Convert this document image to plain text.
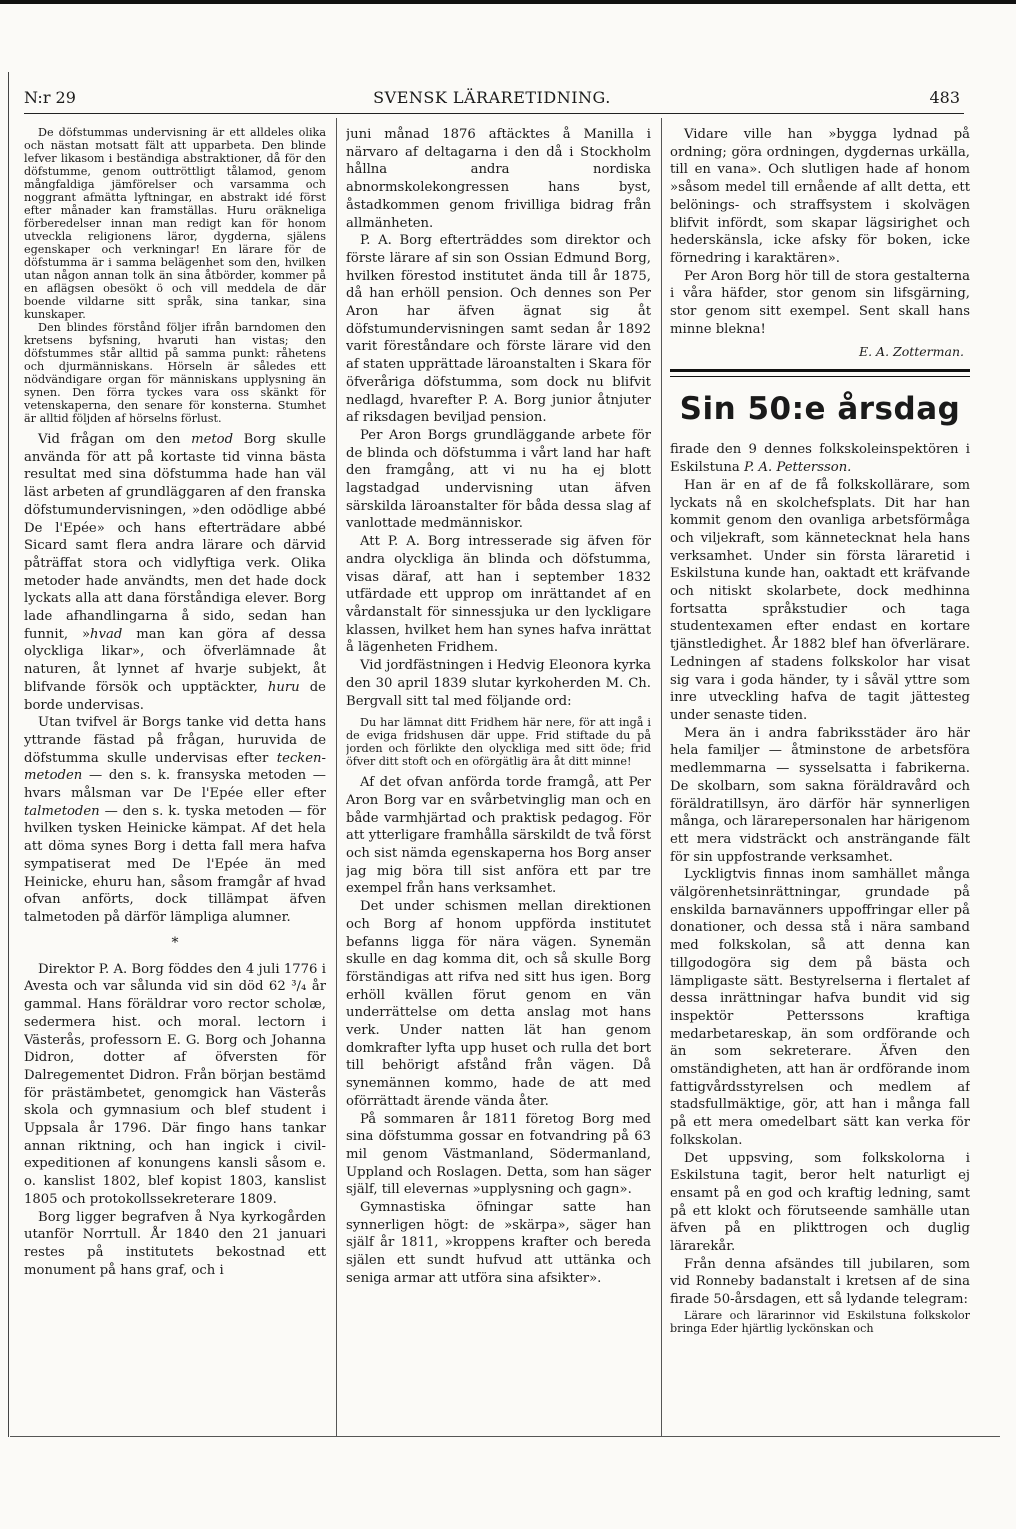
N:r 29	SVENSK LÄRARETIDNING.	483

De döfstummas undervisning är ett alldeles olika och nästan motsatt fält att upparbeta. Den blinde lefver likasom i beständiga abstraktioner, då för den döfstumme, genom outtröttligt tålamod, genom mångfaldiga jämförelser och varsamma och noggrant afmätta lyftningar, en abstrakt idé först efter månader kan framställas. Huru oräkneliga förberedelser innan man redigt kan för honom utveckla religionens läror, dygderna, själens egenskaper och verkningar! En lärare för de döfstumma är i samma belägenhet som den, hvilken utan någon annan tolk än sina åtbörder, kommer på en aflägsen obesökt ö och vill meddela de där boende vildarne sitt språk, sina tankar, sina kunskaper.

Den blindes förstånd följer ifrån barndomen den kretsens byfsning, hvaruti han vistas; den döfstummes står alltid på samma punkt: råhetens och djurmänniskans. Hörseln är således ett nödvändigare organ för människans upplysning än synen. Den förra tyckes vara oss skänkt för vetenskaperna, den senare för konsterna. Stumhet är alltid följden af hörselns förlust.

Vid frågan om den metod Borg skulle använda för att på kortaste tid vinna bästa resultat med sina döfstumma hade han väl läst arbeten af grundläggaren af den franska döfstumundervisningen, »den odödlige abbé De l'Epée» och hans efterträdare abbé Sicard samt flera andra lärare och därvid påträffat stora och vidlyftiga verk. Olika metoder hade användts, men det hade dock lyckats alla att dana förståndiga elever. Borg lade afhandlingarna å sido, sedan han funnit, »hvad man kan göra af dessa olyckliga likar», och öfverlämnade åt naturen, åt lynnet af hvarje subjekt, åt blifvande försök och upptäckter, huru de borde undervisas.

Utan tvifvel är Borgs tanke vid detta hans yttrande fästad på frågan, huruvida de döfstumma skulle undervisas efter tecken-metoden — den s. k. fransyska metoden — hvars målsman var De l'Epée eller efter talmetoden — den s. k. tyska metoden — för hvilken tysken Heinicke kämpat. Af det hela att döma synes Borg i detta fall mera hafva sympatiserat med De l'Epée än med Heinicke, ehuru han, såsom framgår af hvad ofvan anförts, dock tillämpat äfven talmetoden på därför lämpliga alumner.

*

Direktor P. A. Borg föddes den 4 juli 1776 i Avesta och var sålunda vid sin död 62 ³/₄ år gammal. Hans föräldrar voro rector scholæ, sedermera hist. och moral. lectorn i Västerås, professorn E. G. Borg och Johanna Didron, dotter af öfversten för Dalregementet Didron. Från början bestämd för prästämbetet, genomgick han Västerås skola och gymnasium och blef student i Uppsala år 1796. Där fingo hans tankar annan riktning, och han ingick i civil-expeditionen af konungens kansli såsom e. o. kanslist 1802, blef kopist 1803, kanslist 1805 och protokollssekreterare 1809.

Borg ligger begrafven å Nya kyrkogården utanför Norrtull. År 1840 den 21 januari restes på institutets bekostnad ett monument på hans graf, och i

juni månad 1876 aftäcktes å Manilla i närvaro af deltagarna i den då i Stockholm hållna andra nordiska abnormskolekongressen hans byst, åstadkommen genom frivilliga bidrag från allmänheten.

P. A. Borg efterträddes som direktor och förste lärare af sin son Ossian Edmund Borg, hvilken förestod institutet ända till år 1875, då han erhöll pension. Och dennes son Per Aron har äfven ägnat sig åt döfstumundervisningen samt sedan år 1892 varit föreståndare och förste lärare vid den af staten upprättade läroanstalten i Skara för öfveråriga döfstumma, som dock nu blifvit nedlagd, hvarefter P. A. Borg junior åtnjuter af riksdagen beviljad pension.

Per Aron Borgs grundläggande arbete för de blinda och döfstumma i vårt land har haft den framgång, att vi nu ha ej blott lagstadgad undervisning utan äfven särskilda läroanstalter för båda dessa slag af vanlottade medmänniskor.

Att P. A. Borg intresserade sig äfven för andra olyckliga än blinda och döfstumma, visas däraf, att han i september 1832 utfärdade ett upprop om inrättandet af en vårdanstalt för sinnessjuka ur den lyckligare klassen, hvilket hem han synes hafva inrättat å lägenheten Fridhem.

Vid jordfästningen i Hedvig Eleonora kyrka den 30 april 1839 slutar kyrkoherden M. Ch. Bergvall sitt tal med följande ord:

Du har lämnat ditt Fridhem här nere, för att ingå i de eviga fridshusen där uppe. Frid stiftade du på jorden och förlikte den olyckliga med sitt öde; frid öfver ditt stoft och en oförgätlig ära åt ditt minne!

Af det ofvan anförda torde framgå, att Per Aron Borg var en svårbetvinglig man och en både varmhjärtad och praktisk pedagog. För att ytterligare framhålla särskildt de två först och sist nämda egenskaperna hos Borg anser jag mig böra till sist anföra ett par tre exempel från hans verksamhet.

Det under schismen mellan direktionen och Borg af honom uppförda institutet befanns ligga för nära vägen. Synemän skulle en dag komma dit, och så skulle Borg förständigas att rifva ned sitt hus igen. Borg erhöll kvällen förut genom en vän underrättelse om detta anslag mot hans verk. Under natten lät han genom domkrafter lyfta upp huset och rulla det bort till behörigt afstånd från vägen. Då synemännen kommo, hade de att med oförrättadt ärende vända åter.

På sommaren år 1811 företog Borg med sina döfstumma gossar en fotvandring på 63 mil genom Västmanland, Södermanland, Uppland och Roslagen. Detta, som han säger själf, till elevernas »upplysning och gagn».

Gymnastiska öfningar satte han synnerligen högt: de »skärpa», säger han själf år 1811, »kroppens krafter och bereda själen ett sundt hufvud att uttänka och seniga armar att utföra sina afsikter».

Vidare ville han »bygga lydnad på ordning; göra ordningen, dygdernas urkälla, till en vana». Och slutligen hade af honom »såsom medel till ernående af allt detta, ett belönings- och straffsystem i skolvägen blifvit infördt, som skapar lägsirighet och hederskänsla, icke afsky för boken, icke förnedring i karaktären».

Per Aron Borg hör till de stora gestalterna i våra häfder, stor genom sin lifsgärning, stor genom sitt exempel. Sent skall hans minne blekna!

E. A. Zotterman.

Sin 50:e årsdag

firade den 9 dennes folkskoleinspektören i Eskilstuna P. A. Pettersson.

Han är en af de få folkskollärare, som lyckats nå en skolchefsplats. Dit har han kommit genom den ovanliga arbetsförmåga och viljekraft, som kännetecknat hela hans verksamhet. Under sin första läraretid i Eskilstuna kunde han, oaktadt ett kräfvande och nitiskt skolarbete, dock medhinna fortsatta språkstudier och taga studentexamen efter endast en kortare tjänstledighet. År 1882 blef han öfverlärare. Ledningen af stadens folkskolor har visat sig vara i goda händer, ty i såväl yttre som inre utveckling hafva de tagit jättesteg under senaste tiden.

Mera än i andra fabriksstäder äro här hela familjer — åtminstone de arbetsföra medlemmarna — sysselsatta i fabrikerna. De skolbarn, som sakna föräldravård och föräldratillsyn, äro därför här synnerligen många, och lärarepersonalen har härigenom ett mera vidsträckt och ansträngande fält för sin uppfostrande verksamhet.

Lyckligtvis finnas inom samhället många välgörenhetsinrättningar, grundade på enskilda barnavänners uppoffringar eller på donationer, och dessa stå i nära samband med folkskolan, så att denna kan tillgodogöra sig dem på bästa och lämpligaste sätt. Bestyrelserna i flertalet af dessa inrättningar hafva bundit vid sig inspektör Petterssons kraftiga medarbetareskap, än som ordförande och än som sekreterare. Äfven den omständigheten, att han är ordförande inom fattigvårdsstyrelsen och medlem af stadsfullmäktige, gör, att han i många fall på ett mera omedelbart sätt kan verka för folkskolan.

Det uppsving, som folkskolorna i Eskilstuna tagit, beror helt naturligt ej ensamt på en god och kraftig ledning, samt på ett klokt och förutseende samhälle utan äfven på en plikttrogen och duglig lärarekår.

Från denna afsändes till jubilaren, som vid Ronneby badanstalt i kretsen af de sina firade 50-årsdagen, ett så lydande telegram:

Lärare och lärarinnor vid Eskilstuna folkskolor bringa Eder hjärtlig lyckönskan och
